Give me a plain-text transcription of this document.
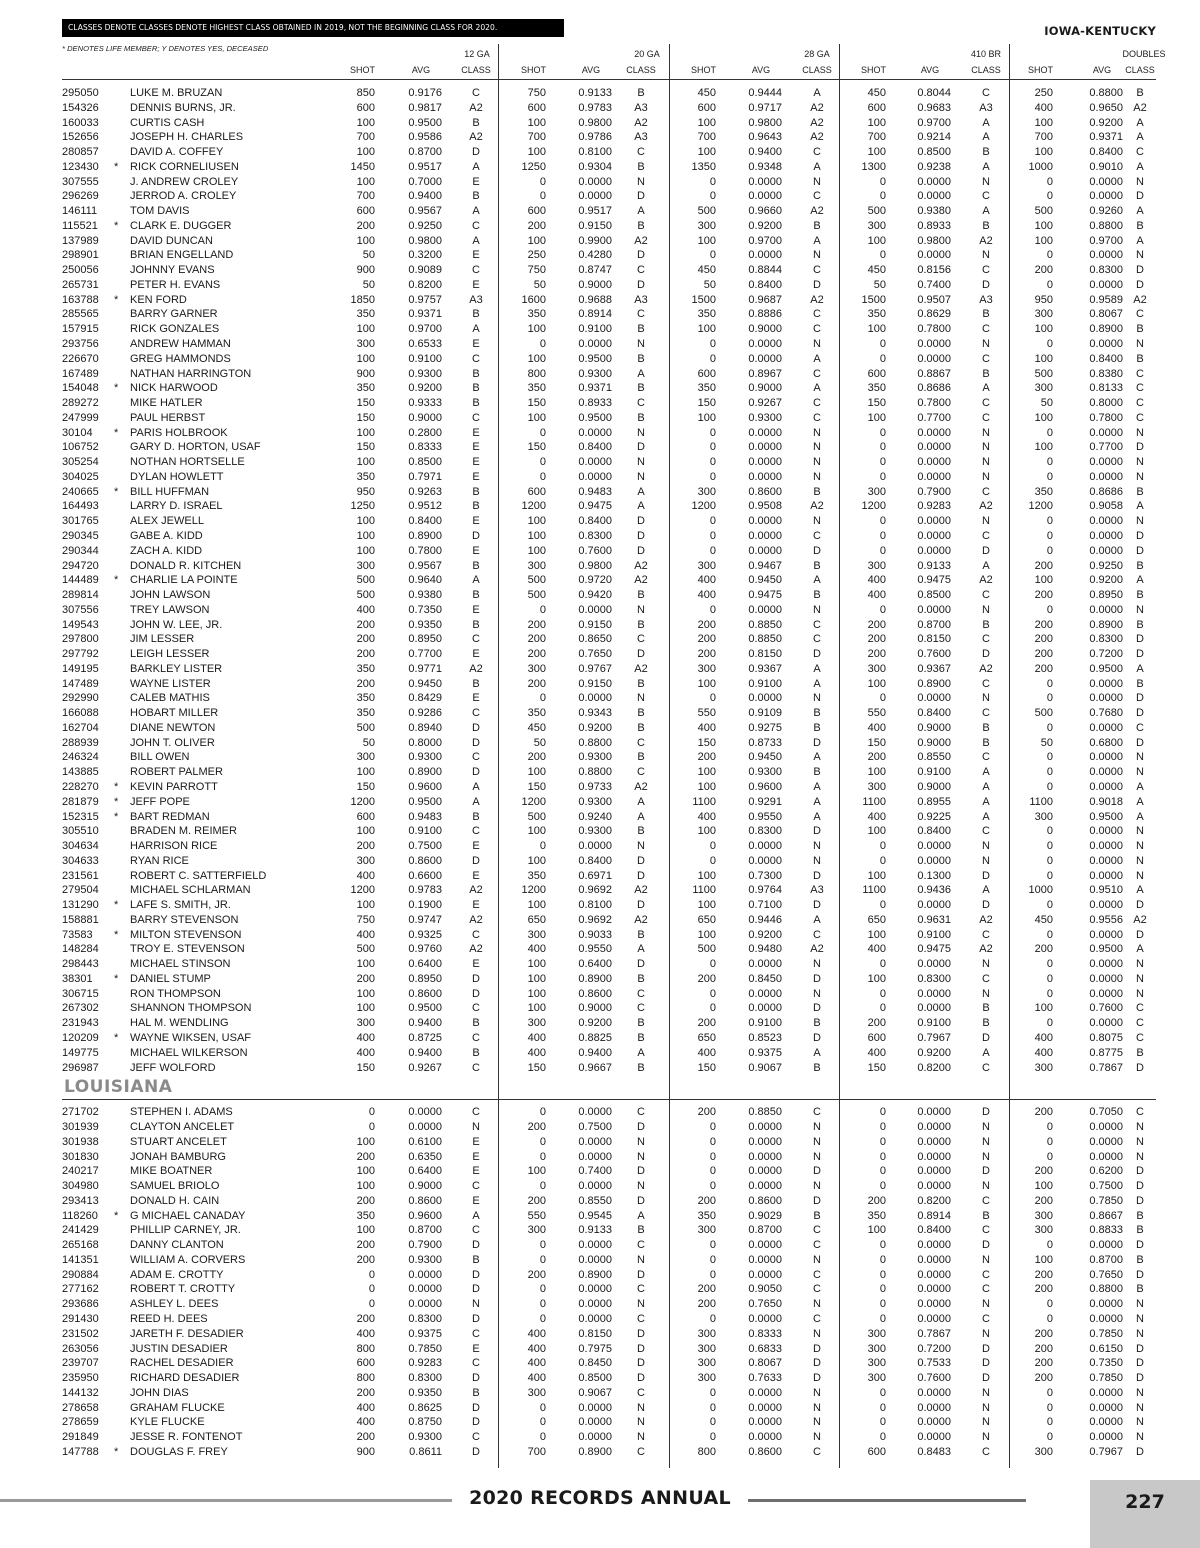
CLASSES DENOTE CLASSES DENOTE HIGHEST CLASS OBTAINED IN 2019, NOT THE BEGINNING CLASS FOR 2020.	IOWA-KENTUCKY
* DENOTES LIFE MEMBER; Y DENOTES YES, DECEASED
12 GA
SHOT	AVG	CLASS
20 GA
SHOT	AVG	CLASS
28 GA
SHOT	AVG	CLASS
410 BR
SHOT	AVG	CLASS
DOUBLES
SHOT	AVG	CLASS
295050	LUKE M. BRUZAN	850	0.9176	C	750	0.9133	B	450	0.9444	A	450	0.8044	C	250	0.8800	B
154326	DENNIS BURNS, JR.	600	0.9817	A2	600	0.9783	A3	600	0.9717	A2	600	0.9683	A3	400	0.9650 A2
160033	CURTIS CASH	100	0.9500	B	100	0.9800	A2	100	0.9800	A2	100	0.9700	A	100	0.9200	A
152656	JOSEPH H. CHARLES	700	0.9586	A2	700	0.9786	A3	700	0.9643	A2	700	0.9214	A	700	0.9371	A
280857	DAVID A. COFFEY	100	0.8700	D	100	0.8100	C	100	0.9400	C	100	0.8500	B	100	0.8400	C
123430 * RICK CORNELIUSEN	1450	0.9517	A	1250	0.9304	B	1350	0.9348	A	1300	0.9238	A	1000	0.9010	A
307555	J. ANDREW CROLEY	100	0.7000	E	0	0.0000	N	0	0.0000	N	0	0.0000	N	0	0.0000	N
296269	JERROD A. CROLEY	700	0.9400	B	0	0.0000	D	0	0.0000	C	0	0.0000	C	0	0.0000	D
146111	TOM DAVIS	600	0.9567	A	600	0.9517	A	500	0.9660	A2	500	0.9380	A	500	0.9260	A
115521 * CLARK E. DUGGER	200	0.9250	C	200	0.9150	B	300	0.9200	B	300	0.8933	B	100	0.8800	B
137989	DAVID DUNCAN	100	0.9800	A	100	0.9900	A2	100	0.9700	A	100	0.9800	A2	100	0.9700	A
298901	BRIAN ENGELLAND	50	0.3200	E	250	0.4280	D	0	0.0000	N	0	0.0000	N	0	0.0000	N
250056	JOHNNY EVANS	900	0.9089	C	750	0.8747	C	450	0.8844	C	450	0.8156	C	200	0.8300	D
265731	PETER H. EVANS	50	0.8200	E	50	0.9000	D	50	0.8400	D	50	0.7400	D	0	0.0000	D
163788 * KEN FORD	1850	0.9757	A3	1600	0.9688	A3	1500	0.9687	A2	1500	0.9507	A3	950	0.9589 A2
285565	BARRY GARNER	350	0.9371	B	350	0.8914	C	350	0.8886	C	350	0.8629	B	300	0.8067	C
157915	RICK GONZALES	100	0.9700	A	100	0.9100	B	100	0.9000	C	100	0.7800	C	100	0.8900	B
293756	ANDREW HAMMAN	300	0.6533	E	0	0.0000	N	0	0.0000	N	0	0.0000	N	0	0.0000	N
226670	GREG HAMMONDS	100	0.9100	C	100	0.9500	B	0	0.0000	A	0	0.0000	C	100	0.8400	B
167489	NATHAN HARRINGTON	900	0.9300	B	800	0.9300	A	600	0.8967	C	600	0.8867	B	500	0.8380	C
154048 * NICK HARWOOD	350	0.9200	B	350	0.9371	B	350	0.9000	A	350	0.8686	A	300	0.8133	C
289272	MIKE HATLER	150	0.9333	B	150	0.8933	C	150	0.9267	C	150	0.7800	C	50	0.8000	C
247999	PAUL HERBST	150	0.9000	C	100	0.9500	B	100	0.9300	C	100	0.7700	C	100	0.7800	C
30104 * PARIS HOLBROOK	100	0.2800	E	0	0.0000	N	0	0.0000	N	0	0.0000	N	0	0.0000	N
106752	GARY D. HORTON, USAF	150	0.8333	E	150	0.8400	D	0	0.0000	N	0	0.0000	N	100	0.7700	D
305254	NOTHAN HORTSELLE	100	0.8500	E	0	0.0000	N	0	0.0000	N	0	0.0000	N	0	0.0000	N
304025	DYLAN HOWLETT	350	0.7971	E	0	0.0000	N	0	0.0000	N	0	0.0000	N	0	0.0000	N
240665 * BILL HUFFMAN	950	0.9263	B	600	0.9483	A	300	0.8600	B	300	0.7900	C	350	0.8686	B
164493	LARRY D. ISRAEL	1250	0.9512	B	1200	0.9475	A	1200	0.9508	A2	1200	0.9283	A2	1200	0.9058	A
301765	ALEX JEWELL	100	0.8400	E	100	0.8400	D	0	0.0000	N	0	0.0000	N	0	0.0000	N
290345	GABE A. KIDD	100	0.8900	D	100	0.8300	D	0	0.0000	C	0	0.0000	C	0	0.0000	D
290344	ZACH A. KIDD	100	0.7800	E	100	0.7600	D	0	0.0000	D	0	0.0000	D	0	0.0000	D
294720	DONALD R. KITCHEN	300	0.9567	B	300	0.9800	A2	300	0.9467	B	300	0.9133	A	200	0.9250	B
144489 * CHARLIE LA POINTE	500	0.9640	A	500	0.9720	A2	400	0.9450	A	400	0.9475	A2	100	0.9200	A
289814	JOHN LAWSON	500	0.9380	B	500	0.9420	B	400	0.9475	B	400	0.8500	C	200	0.8950	B
307556	TREY LAWSON	400	0.7350	E	0	0.0000	N	0	0.0000	N	0	0.0000	N	0	0.0000	N
149543	JOHN W. LEE, JR.	200	0.9350	B	200	0.9150	B	200	0.8850	C	200	0.8700	B	200	0.8900	B
297800	JIM LESSER	200	0.8950	C	200	0.8650	C	200	0.8850	C	200	0.8150	C	200	0.8300	D
297792	LEIGH LESSER	200	0.7700	E	200	0.7650	D	200	0.8150	D	200	0.7600	D	200	0.7200	D
149195	BARKLEY LISTER	350	0.9771	A2	300	0.9767	A2	300	0.9367	A	300	0.9367	A2	200	0.9500	A
147489	WAYNE LISTER	200	0.9450	B	200	0.9150	B	100	0.9100	A	100	0.8900	C	0	0.0000	B
292990	CALEB MATHIS	350	0.8429	E	0	0.0000	N	0	0.0000	N	0	0.0000	N	0	0.0000	D
166088	HOBART MILLER	350	0.9286	C	350	0.9343	B	550	0.9109	B	550	0.8400	C	500	0.7680	D
162704	DIANE NEWTON	500	0.8940	D	450	0.9200	B	400	0.9275	B	400	0.9000	B	0	0.0000	C
288939	JOHN T. OLIVER	50	0.8000	D	50	0.8800	C	150	0.8733	D	150	0.9000	B	50	0.6800	D
246324	BILL OWEN	300	0.9300	C	200	0.9300	B	200	0.9450	A	200	0.8550	C	0	0.0000	N
143885	ROBERT PALMER	100	0.8900	D	100	0.8800	C	100	0.9300	B	100	0.9100	A	0	0.0000	N
228270 * KEVIN PARROTT	150	0.9600	A	150	0.9733	A2	100	0.9600	A	300	0.9000	A	0	0.0000	A
281879 * JEFF POPE	1200	0.9500	A	1200	0.9300	A	1100	0.9291	A	1100	0.8955	A	1100	0.9018	A
152315 * BART REDMAN	600	0.9483	B	500	0.9240	A	400	0.9550	A	400	0.9225	A	300	0.9500	A
305510	BRADEN M. REIMER	100	0.9100	C	100	0.9300	B	100	0.8300	D	100	0.8400	C	0	0.0000	N
304634	HARRISON RICE	200	0.7500	E	0	0.0000	N	0	0.0000	N	0	0.0000	N	0	0.0000	N
304633	RYAN RICE	300	0.8600	D	100	0.8400	D	0	0.0000	N	0	0.0000	N	0	0.0000	N
231561	ROBERT C. SATTERFIELD	400	0.6600	E	350	0.6971	D	100	0.7300	D	100	0.1300	D	0	0.0000	N
279504	MICHAEL SCHLARMAN	1200	0.9783	A2	1200	0.9692	A2	1100	0.9764	A3	1100	0.9436	A	1000	0.9510	A
131290 * LAFE S. SMITH, JR.	100	0.1900	E	100	0.8100	D	100	0.7100	D	0	0.0000	D	0	0.0000	D
158881	BARRY STEVENSON	750	0.9747	A2	650	0.9692	A2	650	0.9446	A	650	0.9631	A2	450	0.9556 A2
73583 * MILTON STEVENSON	400	0.9325	C	300	0.9033	B	100	0.9200	C	100	0.9100	C	0	0.0000	D
148284	TROY E. STEVENSON	500	0.9760	A2	400	0.9550	A	500	0.9480	A2	400	0.9475	A2	200	0.9500	A
298443	MICHAEL STINSON	100	0.6400	E	100	0.6400	D	0	0.0000	N	0	0.0000	N	0	0.0000	N
38301 * DANIEL STUMP	200	0.8950	D	100	0.8900	B	200	0.8450	D	100	0.8300	C	0	0.0000	N
306715	RON THOMPSON	100	0.8600	D	100	0.8600	C	0	0.0000	N	0	0.0000	N	0	0.0000	N
267302	SHANNON THOMPSON	100	0.9500	C	100	0.9000	C	0	0.0000	D	0	0.0000	B	100	0.7600	C
231943	HAL M. WENDLING	300	0.9400	B	300	0.9200	B	200	0.9100	B	200	0.9100	B	0	0.0000	C
120209 * WAYNE WIKSEN, USAF	400	0.8725	C	400	0.8825	B	650	0.8523	D	600	0.7967	D	400	0.8075	C
149775	MICHAEL WILKERSON	400	0.9400	B	400	0.9400	A	400	0.9375	A	400	0.9200	A	400	0.8775	B
296987	JEFF WOLFORD	150	0.9267	C	150	0.9667	B	150	0.9067	B	150	0.8200	C	300	0.7867	D
LOUISIANA
271702	STEPHEN I. ADAMS	0	0.0000	C	0	0.0000	C	200	0.8850	C	0	0.0000	D	200	0.7050	C
301939	CLAYTON ANCELET	0	0.0000	N	200	0.7500	D	0	0.0000	N	0	0.0000	N	0	0.0000	N
301938	STUART ANCELET	100	0.6100	E	0	0.0000	N	0	0.0000	N	0	0.0000	N	0	0.0000	N
301830	JONAH BAMBURG	200	0.6350	E	0	0.0000	N	0	0.0000	N	0	0.0000	N	0	0.0000	N
240217	MIKE BOATNER	100	0.6400	E	100	0.7400	D	0	0.0000	D	0	0.0000	D	200	0.6200	D
304980	SAMUEL BRIOLO	100	0.9000	C	0	0.0000	N	0	0.0000	N	0	0.0000	N	100	0.7500	D
293413	DONALD H. CAIN	200	0.8600	E	200	0.8550	D	200	0.8600	D	200	0.8200	C	200	0.7850	D
118260 * G MICHAEL CANADAY	350	0.9600	A	550	0.9545	A	350	0.9029	B	350	0.8914	B	300	0.8667	B
241429	PHILLIP CARNEY, JR.	100	0.8700	C	300	0.9133	B	300	0.8700	C	100	0.8400	C	300	0.8833	B
265168	DANNY CLANTON	200	0.7900	D	0	0.0000	C	0	0.0000	C	0	0.0000	D	0	0.0000	D
141351	WILLIAM A. CORVERS	200	0.9300	B	0	0.0000	N	0	0.0000	N	0	0.0000	N	100	0.8700	B
290884	ADAM E. CROTTY	0	0.0000	D	200	0.8900	D	0	0.0000	C	0	0.0000	C	200	0.7650	D
277162	ROBERT T. CROTTY	0	0.0000	D	0	0.0000	C	200	0.9050	C	0	0.0000	C	200	0.8800	B
293686	ASHLEY L. DEES	0	0.0000	N	0	0.0000	N	200	0.7650	N	0	0.0000	N	0	0.0000	N
291430	REED H. DEES	200	0.8300	D	0	0.0000	C	0	0.0000	C	0	0.0000	C	0	0.0000	N
231502	JARETH F. DESADIER	400	0.9375	C	400	0.8150	D	300	0.8333	N	300	0.7867	N	200	0.7850	N
263056	JUSTIN DESADIER	800	0.7850	E	400	0.7975	D	300	0.6833	D	300	0.7200	D	200	0.6150	D
239707	RACHEL DESADIER	600	0.9283	C	400	0.8450	D	300	0.8067	D	300	0.7533	D	200	0.7350	D
235950	RICHARD DESADIER	800	0.8300	D	400	0.8500	D	300	0.7633	D	300	0.7600	D	200	0.7850	D
144132	JOHN DIAS	200	0.9350	B	300	0.9067	C	0	0.0000	N	0	0.0000	N	0	0.0000	N
278658	GRAHAM FLUCKE	400	0.8625	D	0	0.0000	N	0	0.0000	N	0	0.0000	N	0	0.0000	N
278659	KYLE FLUCKE	400	0.8750	D	0	0.0000	N	0	0.0000	N	0	0.0000	N	0	0.0000	N
291849	JESSE R. FONTENOT	200	0.9300	C	0	0.0000	N	0	0.0000	N	0	0.0000	N	0	0.0000	N
147788 * DOUGLAS F. FREY	900	0.8611	D	700	0.8900	C	800	0.8600	C	600	0.8483	C	300	0.7967	D
2020 RECORDS ANNUAL	227
